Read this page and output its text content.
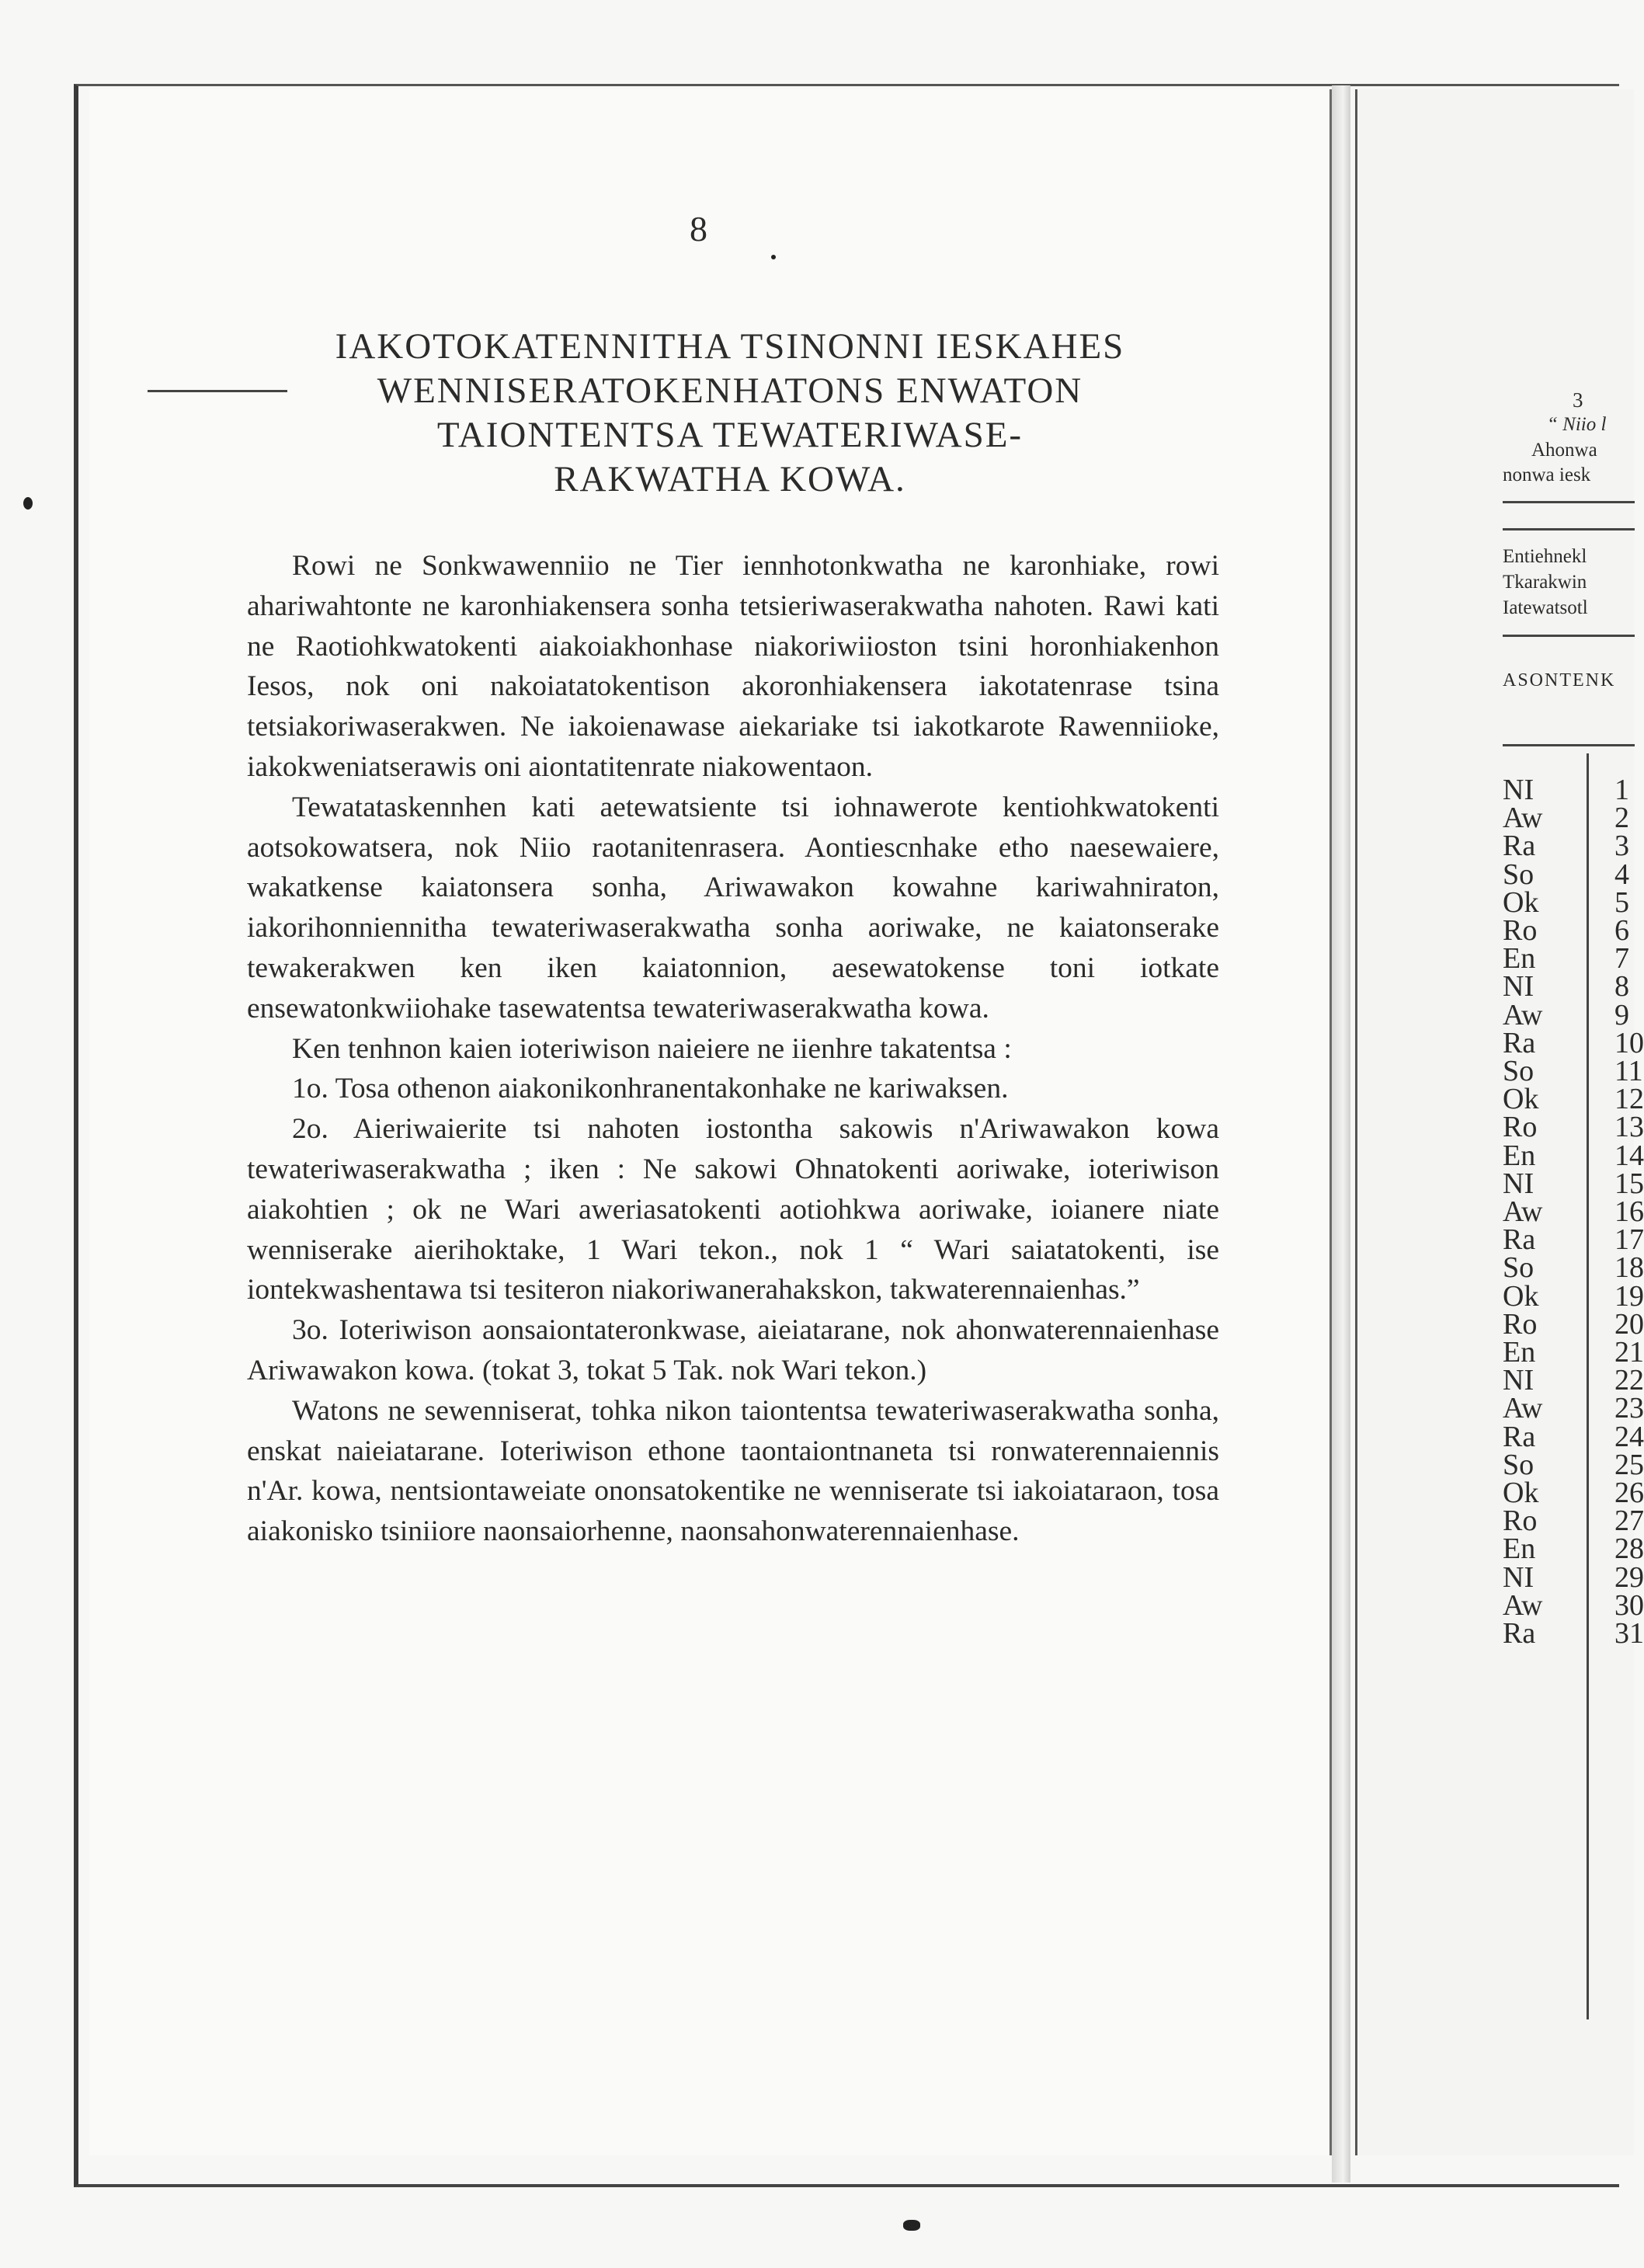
8
IAKOTOKATENNITHA TSINONNI IESKAHES
WENNISERATOKENHATONS ENWATON
TAIONTENTSA TEWATERIWASE-
RAKWATHA KOWA.

Rowi ne Sonkwawenniio ne Tier iennhotonkwatha ne karonhiake, rowi ahariwahtonte ne karonhiakensera sonha tetsieriwaserakwatha nahoten. Rawi kati ne Raotiohkwatokenti aiakoiakhonhase niakoriwiioston tsini horonhiakenhon Iesos, nok oni nakoiatatokentison akoronhiakensera iakotatenrase tsina tetsiakoriwaserakwen. Ne iakoienawase aiekariake tsi iakotkarote Rawenniioke, iakokweniatserawis oni aiontatitenrate niakowentaon.

Tewatataskennhen kati aetewatsiente tsi iohnawerote kentiohkwatokenti aotsokowatsera, nok Niio raotanitenrasera. Aontiescnhake etho naesewaiere, wakatkense kaiatonsera sonha, Ariwawakon kowahne kariwahniraton, iakorihonniennitha tewateriwaserakwatha sonha aoriwake, ne kaiatonserake tewakerakwen ken iken kaiatonnion, aesewatokense toni iotkate ensewatonkwiiohake tasewatentsa tewateriwaserakwatha kowa.

Ken tenhnon kaien ioteriwison naieiere ne iienhre takatentsa :

1o. Tosa othenon aiakonikonhranentakonhake ne kariwaksen.

2o. Aieriwaierite tsi nahoten iostontha sakowis n'Ariwawakon kowa tewateriwaserakwatha ; iken : Ne sakowi Ohnatokenti aoriwake, ioteriwison aiakohtien ; ok ne Wari aweriasatokenti aotiohkwa aoriwake, ioianere niate wenniserake aierihoktake, 1 Wari tekon., nok 1 “ Wari saiatatokenti, ise iontekwashentawa tsi tesiteron niakoriwanerahakskon, takwaterennaienhas.”

3o. Ioteriwison aonsaiontateronkwase, aieiatarane, nok ahonwaterennaienhase Ariwawakon kowa. (tokat 3, tokat 5 Tak. nok Wari tekon.)

Watons ne sewenniserat, tohka nikon taiontentsa tewateriwaserakwatha sonha, enskat naieiatarane. Ioteriwison ethone taontaiontnaneta tsi ronwaterennaiennis n'Ar. kowa, nentsiontaweiate ononsatokentike ne wenniserate tsi iakoiataraon, tosa aiakonisko tsiniiore naonsaiorhenne, naonsahonwaterennaienhase.

3
“ Niio l
Ahonwa
nonwa iesk
Entiehnekl
Tkarakwin
Iatewatsotl
ASONTENK
NI	1
Aw 2
Ra	3
So	4
Ok	5
Ro	6
En	7
NI	8
Aw 9
Ra	10
So	11
Ok	12
Ro	13
En	14
NI	15
Aw 16
Ra	17
So	18
Ok	19
Ro	20
En	21
NI	22
Aw 23
Ra	24
So	25
Ok	26
Ro	27
En	28
NI	29
Aw 30
Ra	31
